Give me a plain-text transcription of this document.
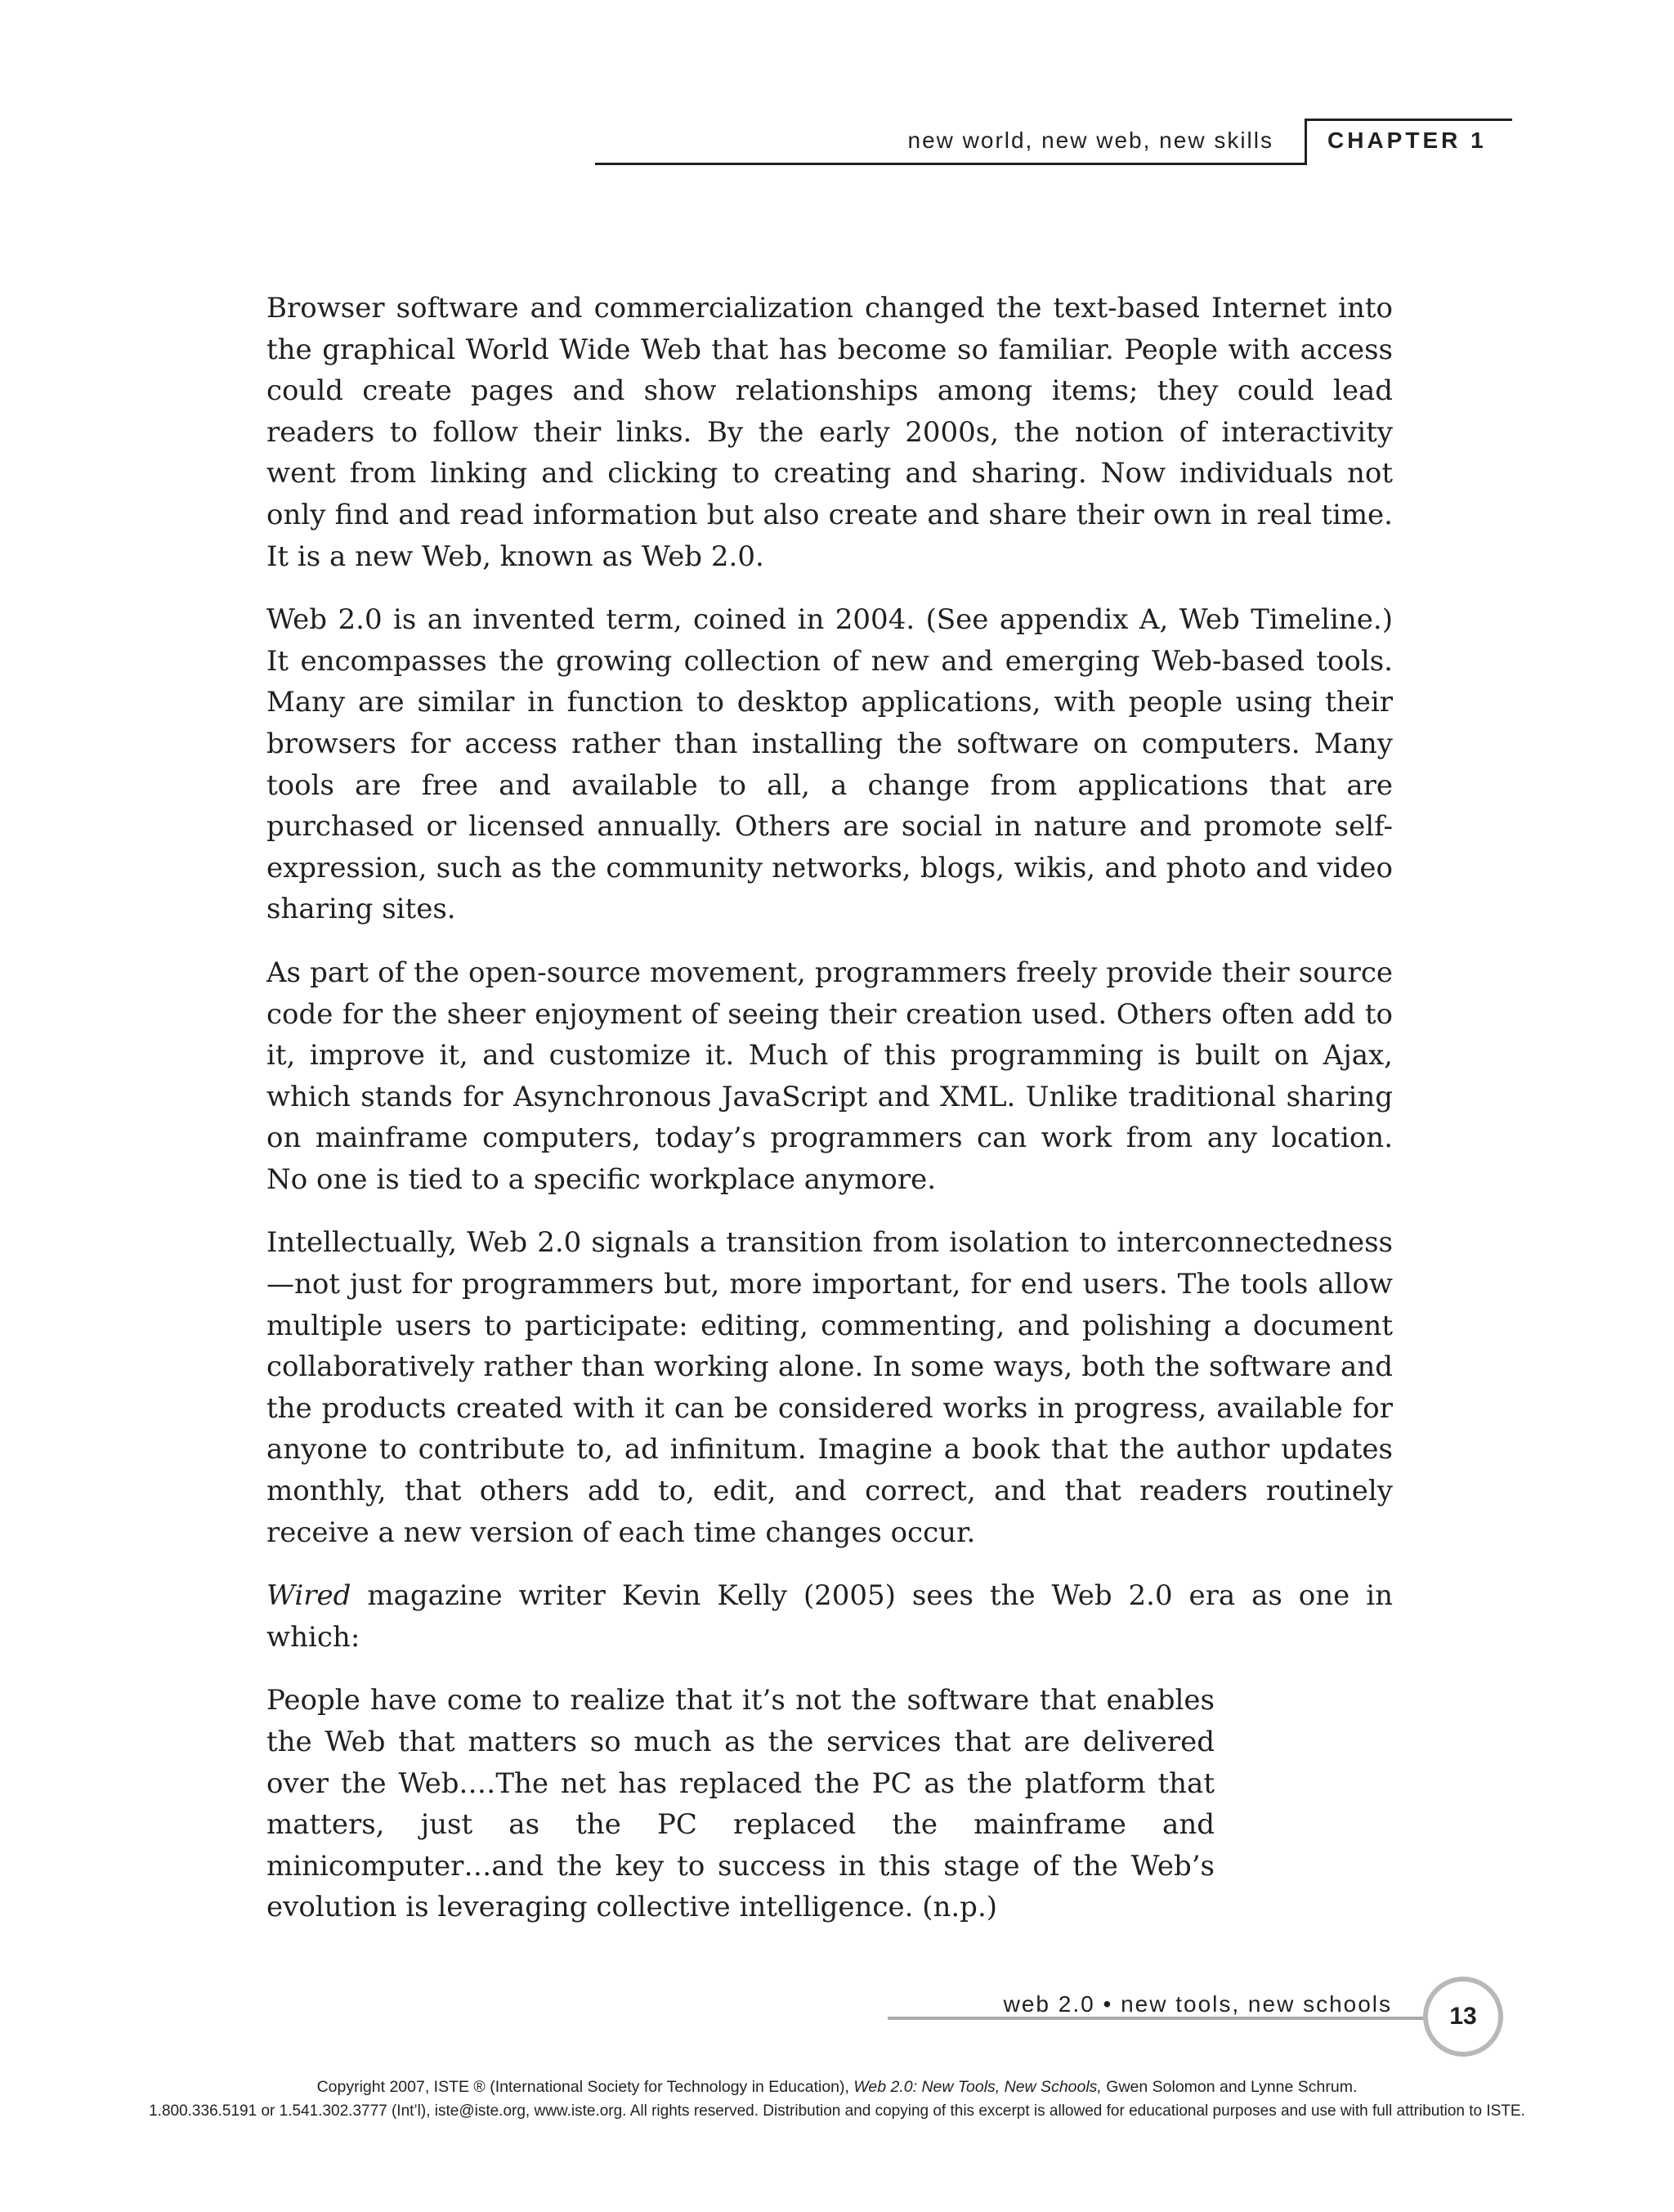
new world, new web, new skills CHAPTER 1

Browser software and commercialization changed the text-based Internet into the graphical World Wide Web that has become so familiar. People with access could create pages and show relationships among items; they could lead readers to follow their links. By the early 2000s, the notion of interactivity went from linking and clicking to creating and sharing. Now individuals not only find and read information but also create and share their own in real time. It is a new Web, known as Web 2.0.

Web 2.0 is an invented term, coined in 2004. (See appendix A, Web Timeline.) It encompasses the growing collection of new and emerging Web-based tools. Many are similar in function to desktop applications, with people using their browsers for access rather than installing the software on computers. Many tools are free and available to all, a change from applications that are purchased or licensed annually. Others are social in nature and promote self-expression, such as the community networks, blogs, wikis, and photo and video sharing sites.

As part of the open-source movement, programmers freely provide their source code for the sheer enjoyment of seeing their creation used. Others often add to it, improve it, and customize it. Much of this programming is built on Ajax, which stands for Asynchronous JavaScript and XML. Unlike traditional sharing on mainframe computers, today’s programmers can work from any location. No one is tied to a specific workplace anymore.

Intellectually, Web 2.0 signals a transition from isolation to interconnectedness—not just for programmers but, more important, for end users. The tools allow multiple users to participate: editing, commenting, and polishing a document collaboratively rather than working alone. In some ways, both the software and the products created with it can be considered works in progress, available for anyone to contribute to, ad infinitum. Imagine a book that the author updates monthly, that others add to, edit, and correct, and that readers routinely receive a new version of each time changes occur.

Wired magazine writer Kevin Kelly (2005) sees the Web 2.0 era as one in which:

People have come to realize that it’s not the software that enables the Web that matters so much as the services that are delivered over the Web.…The net has replaced the PC as the platform that matters, just as the PC replaced the mainframe and minicomputer…and the key to success in this stage of the Web’s evolution is leveraging collective intelligence. (n.p.)

web 2.0 • new tools, new schools	13
Copyright 2007, ISTE ® (International Society for Technology in Education), Web 2.0: New Tools, New Schools, Gwen Solomon and Lynne Schrum.
1.800.336.5191 or 1.541.302.3777 (Int’l), iste@iste.org, www.iste.org. All rights reserved. Distribution and copying of this excerpt is allowed for educational purposes and use with full attribution to ISTE.
